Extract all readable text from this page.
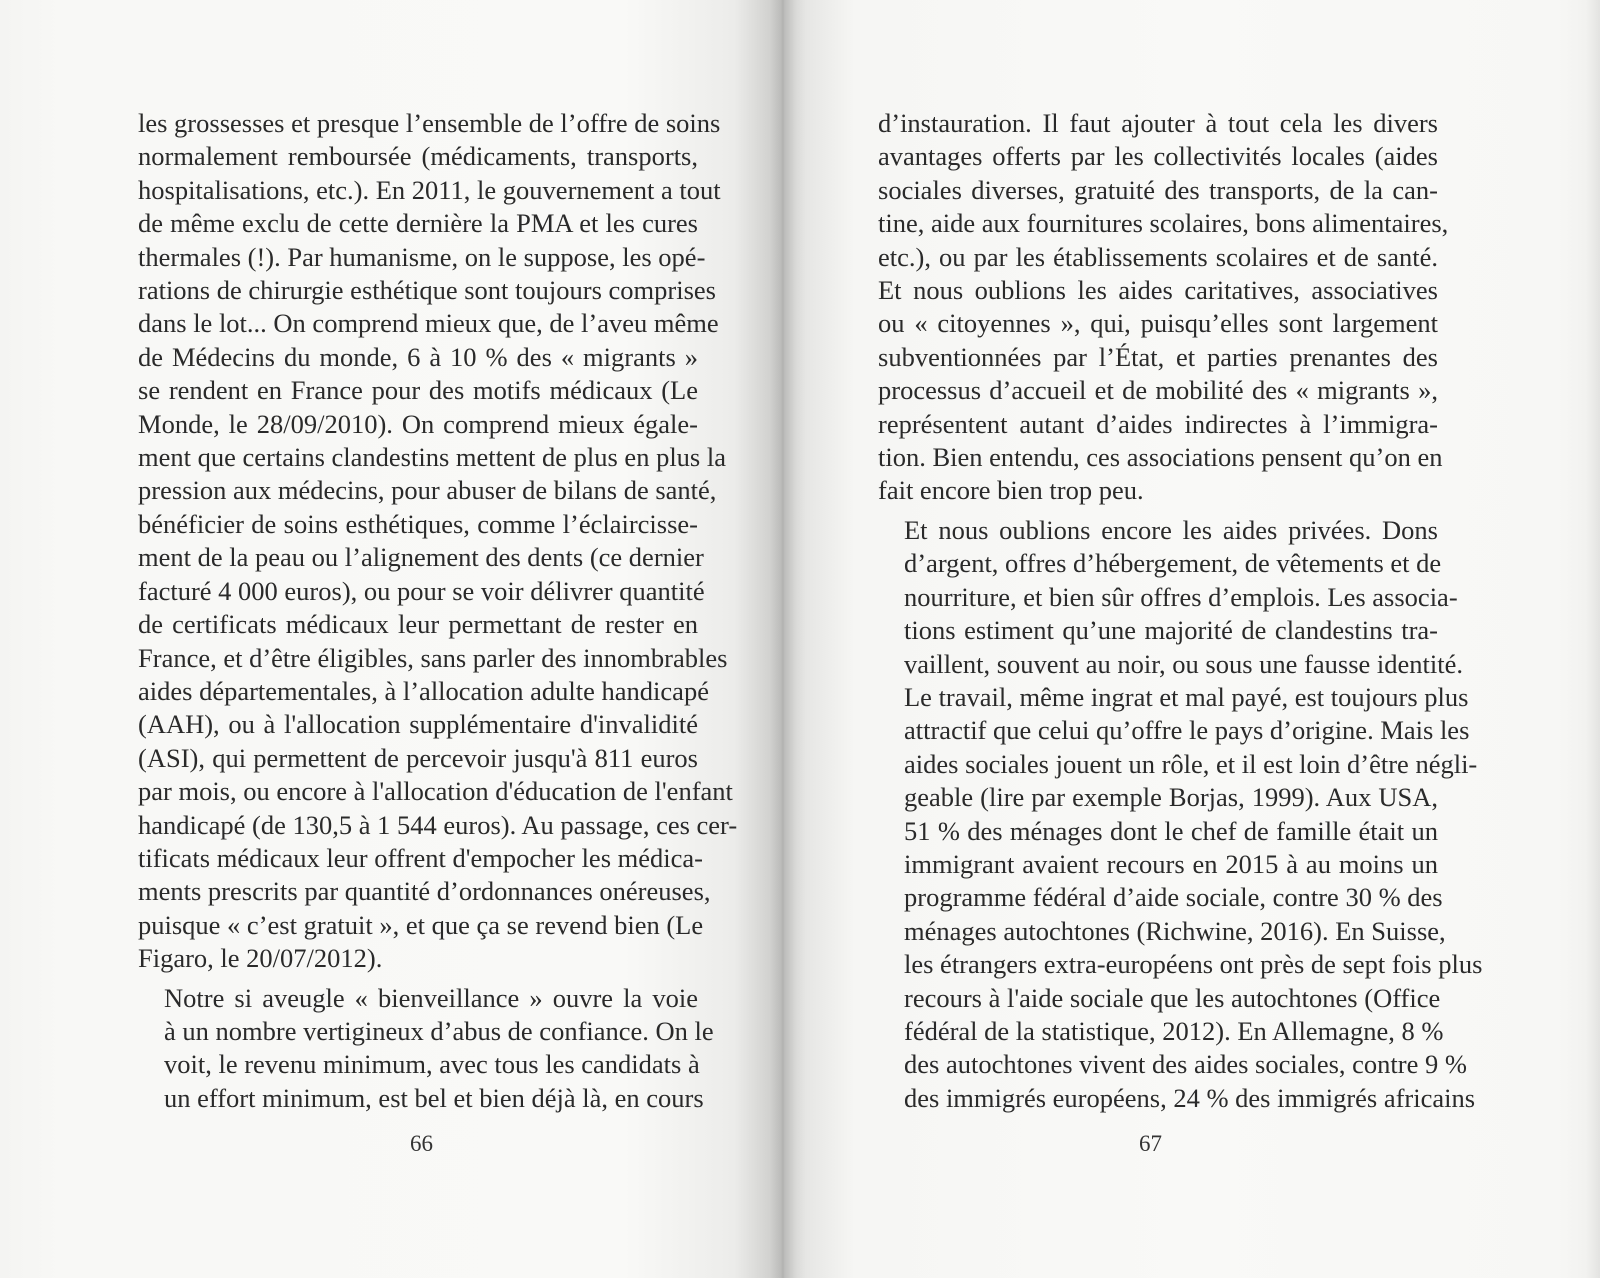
les grossesses et presque l’ensemble de l’offre de soins
normalement remboursée (médicaments, transports,
hospitalisations, etc.). En 2011, le gouvernement a tout
de même exclu de cette dernière la PMA et les cures
thermales (!). Par humanisme, on le suppose, les opé-
rations de chirurgie esthétique sont toujours comprises
dans le lot... On comprend mieux que, de l’aveu même
de Médecins du monde, 6 à 10 % des « migrants »
se rendent en France pour des motifs médicaux (Le
Monde, le 28/09/2010). On comprend mieux égale-
ment que certains clandestins mettent de plus en plus la
pression aux médecins, pour abuser de bilans de santé,
bénéficier de soins esthétiques, comme l’éclaircisse-
ment de la peau ou l’alignement des dents (ce dernier
facturé 4 000 euros), ou pour se voir délivrer quantité
de certificats médicaux leur permettant de rester en
France, et d’être éligibles, sans parler des innombrables
aides départementales, à l’allocation adulte handicapé
(AAH), ou à l'allocation supplémentaire d'invalidité
(ASI), qui permettent de percevoir jusqu'à 811 euros
par mois, ou encore à l'allocation d'éducation de l'enfant
handicapé (de 130,5 à 1 544 euros). Au passage, ces cer-
tificats médicaux leur offrent d'empocher les médica-
ments prescrits par quantité d’ordonnances onéreuses,
puisque « c’est gratuit », et que ça se revend bien (Le
Figaro, le 20/07/2012).

Notre si aveugle « bienveillance » ouvre la voie
à un nombre vertigineux d’abus de confiance. On le
voit, le revenu minimum, avec tous les candidats à
un effort minimum, est bel et bien déjà là, en cours

66

d’instauration. Il faut ajouter à tout cela les divers
avantages offerts par les collectivités locales (aides
sociales diverses, gratuité des transports, de la can-
tine, aide aux fournitures scolaires, bons alimentaires,
etc.), ou par les établissements scolaires et de santé.
Et nous oublions les aides caritatives, associatives
ou « citoyennes », qui, puisqu’elles sont largement
subventionnées par l’État, et parties prenantes des
processus d’accueil et de mobilité des « migrants »,
représentent autant d’aides indirectes à l’immigra-
tion. Bien entendu, ces associations pensent qu’on en
fait encore bien trop peu.

Et nous oublions encore les aides privées. Dons
d’argent, offres d’hébergement, de vêtements et de
nourriture, et bien sûr offres d’emplois. Les associa-
tions estiment qu’une majorité de clandestins tra-
vaillent, souvent au noir, ou sous une fausse identité.
Le travail, même ingrat et mal payé, est toujours plus
attractif que celui qu’offre le pays d’origine. Mais les
aides sociales jouent un rôle, et il est loin d’être négli-
geable (lire par exemple Borjas, 1999). Aux USA,
51 % des ménages dont le chef de famille était un
immigrant avaient recours en 2015 à au moins un
programme fédéral d’aide sociale, contre 30 % des
ménages autochtones (Richwine, 2016). En Suisse,
les étrangers extra-européens ont près de sept fois plus
recours à l'aide sociale que les autochtones (Office
fédéral de la statistique, 2012). En Allemagne, 8 %
des autochtones vivent des aides sociales, contre 9 %
des immigrés européens, 24 % des immigrés africains

67
